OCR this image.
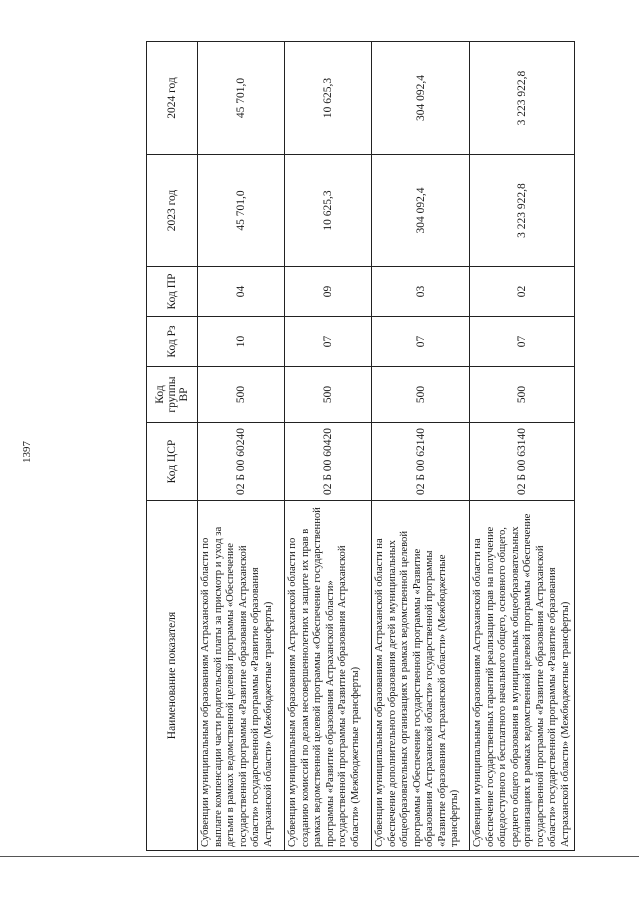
1397
Наименование показателя	Код ЦСР	Код группы ВР	Код Рз	Код ПР	2023 год	2024 год
Субвенции муниципальным образованиям Астраханской области по выплате компенсации части родительской платы за присмотр и уход за детьми в рамках ведомственной целевой программы «Обеспечение государственной программы «Развитие образования Астраханской области» государственной программы «Развитие образования Астраханской области» (Межбюджетные трансферты)	02 Б 00 60240	500	10	04	45 701,0	45 701,0
Субвенции муниципальным образованиям Астраханской области по созданию комиссий по делам несовершеннолетних и защите их прав в рамках ведомственной целевой программы «Обеспечение государственной программы «Развитие образования Астраханской области» государственной программы «Развитие образования Астраханской области» (Межбюджетные трансферты)	02 Б 00 60420	500	07	09	10 625,3	10 625,3
Субвенции муниципальным образованиям Астраханской области на обеспечение дополнительного образования детей в муниципальных общеобразовательных организациях в рамках ведомственной целевой программы «Обеспечение государственной программы «Развитие образования Астраханской области» государственной программы «Развитие образования Астраханской области» (Межбюджетные трансферты)	02 Б 00 62140	500	07	03	304 092,4	304 092,4
Субвенции муниципальным образованиям Астраханской области на обеспечение государственных гарантий реализации прав на получение общедоступного и бесплатного начального общего, основного общего, среднего общего образования в муниципальных общеобразовательных организациях в рамках ведомственной целевой программы «Обеспечение государственной программы «Развитие образования Астраханской области» государственной программы «Развитие образования Астраханской области» (Межбюджетные трансферты)	02 Б 00 63140	500	07	02	3 223 922,8	3 223 922,8
